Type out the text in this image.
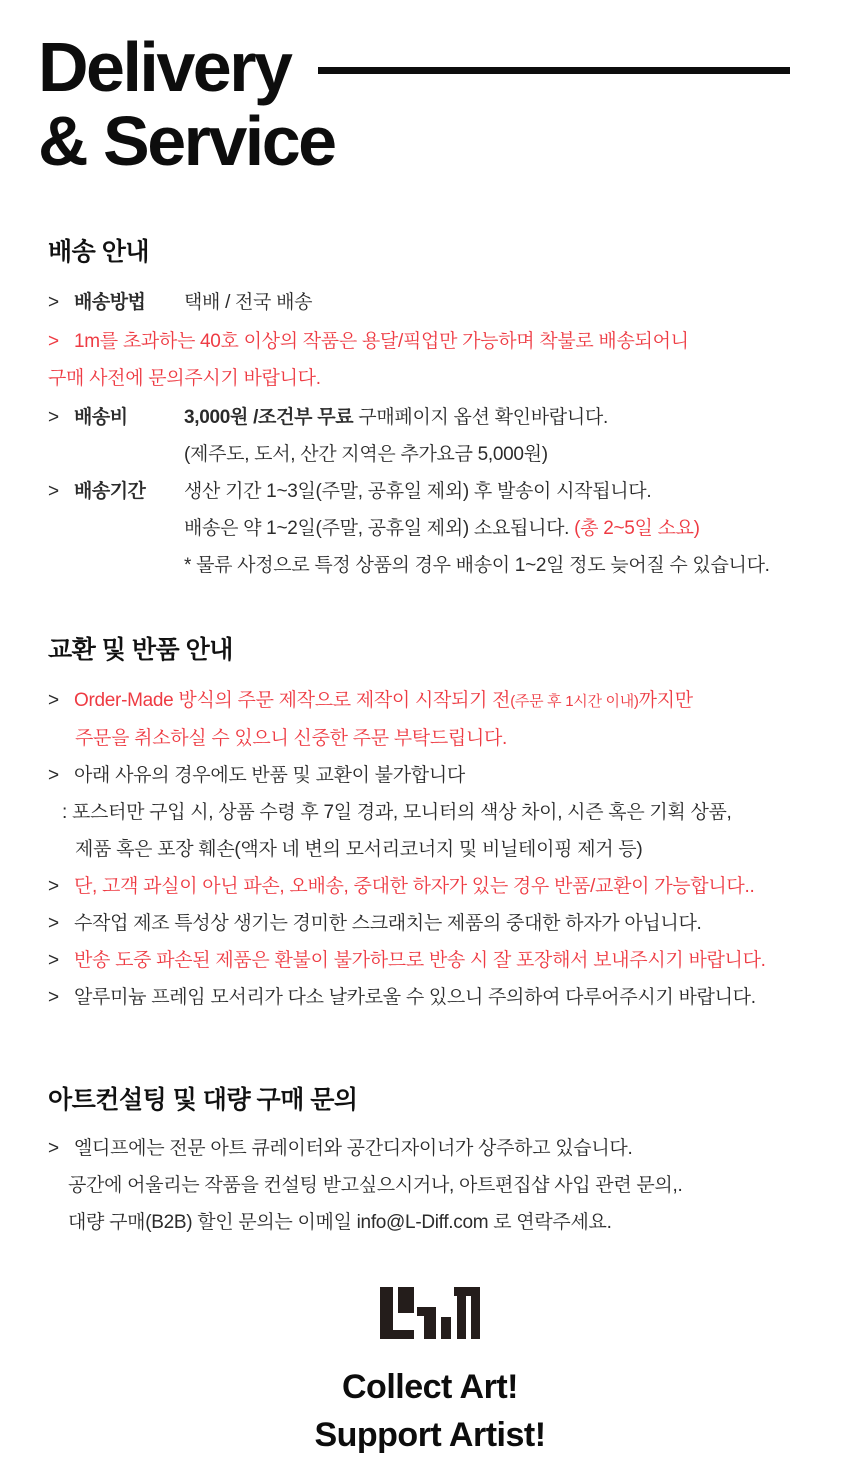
Delivery
& Service
배송 안내
> 배송방법	택배 / 전국 배송

> 1m를 초과하는 40호 이상의 작품은 용달/픽업만 가능하며 착불로 배송되어니

구매 사전에 문의주시기 바랍니다.

> 배송비	3,000원 /조건부 무료 구매페이지 옵션 확인바랍니다.

(제주도, 도서, 산간 지역은 추가요금 5,000원)

> 배송기간	생산 기간 1~3일(주말, 공휴일 제외) 후 발송이 시작됩니다.

배송은 약 1~2일(주말, 공휴일 제외) 소요됩니다. (총 2~5일 소요)

* 물류 사정으로 특정 상품의 경우 배송이 1~2일 정도 늦어질 수 있습니다.

교환 및 반품 안내

> Order-Made 방식의 주문 제작으로 제작이 시작되기 전(주문 후 1시간 이내)까지만

주문을 취소하실 수 있으니 신중한 주문 부탁드립니다.

> 아래 사유의 경우에도 반품 및 교환이 불가합니다

: 포스터만 구입 시, 상품 수령 후 7일 경과, 모니터의 색상 차이, 시즌 혹은 기획 상품,

제품 혹은 포장 훼손(액자 네 변의 모서리코너지 및 비닐테이핑 제거 등)

> 단, 고객 과실이 아닌 파손, 오배송, 중대한 하자가 있는 경우 반품/교환이 가능합니다..

> 수작업 제조 특성상 생기는 경미한 스크래치는 제품의 중대한 하자가 아닙니다.

> 반송 도중 파손된 제품은 환불이 불가하므로 반송 시 잘 포장해서 보내주시기 바랍니다.

> 알루미늄 프레임 모서리가 다소 날카로울 수 있으니 주의하여 다루어주시기 바랍니다.

아트컨설팅 및 대량 구매 문의

> 엘디프에는 전문 아트 큐레이터와 공간디자이너가 상주하고 있습니다.

공간에 어울리는 작품을 컨설팅 받고싶으시거나, 아트편집샵 사입 관련 문의,.

대량 구매(B2B) 할인 문의는 이메일 info@L-Diff.com 로 연락주세요.

Collect Art!

Support Artist!
